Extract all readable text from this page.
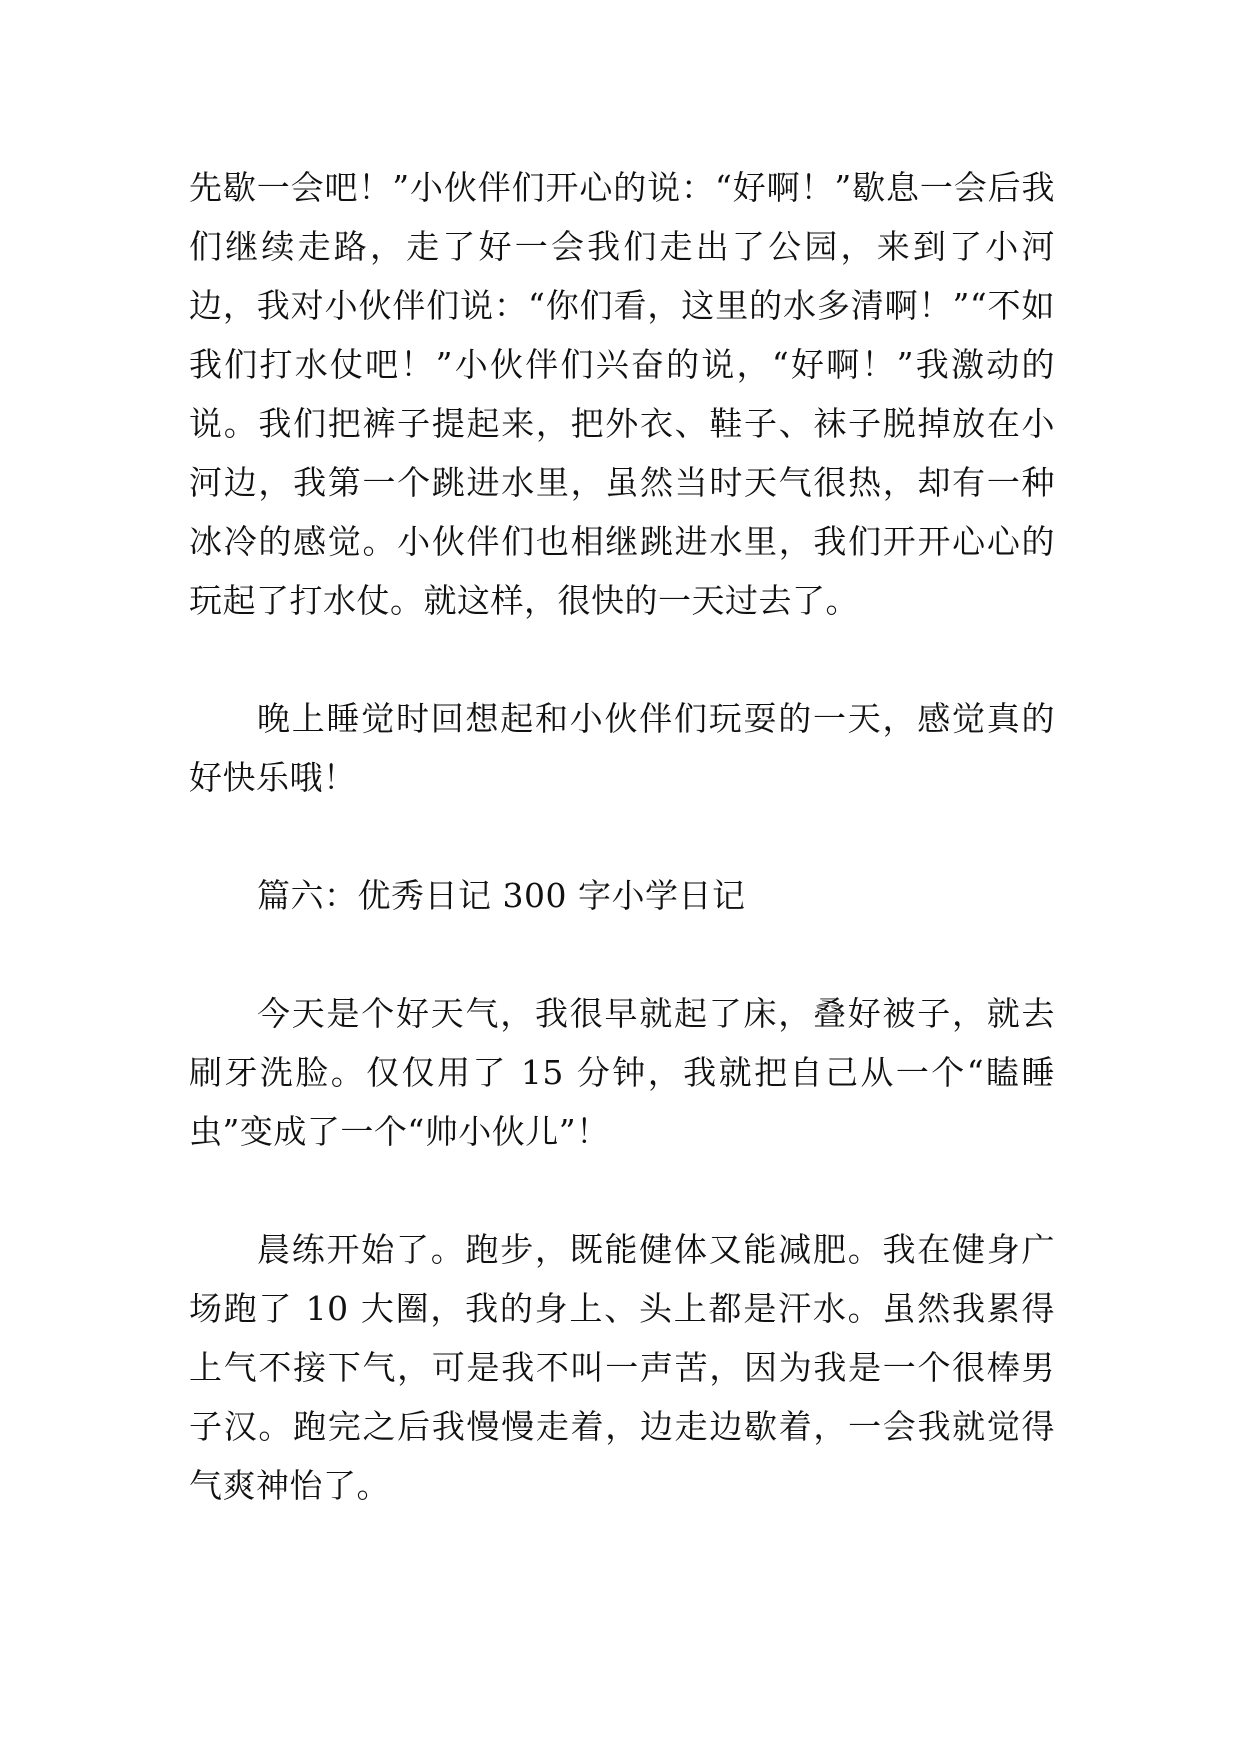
先歇一会吧！”小伙伴们开心的说：“好啊！”歇息一会后我们继续走路，走了好一会我们走出了公园，来到了小河边，我对小伙伴们说：“你们看，这里的水多清啊！”“不如我们打水仗吧！”小伙伴们兴奋的说，“好啊！”我激动的说。我们把裤子提起来，把外衣、鞋子、袜子脱掉放在小河边，我第一个跳进水里，虽然当时天气很热，却有一种冰冷的感觉。小伙伴们也相继跳进水里，我们开开心心的玩起了打水仗。就这样，很快的一天过去了。

晚上睡觉时回想起和小伙伴们玩耍的一天，感觉真的好快乐哦！

篇六：优秀日记 300 字小学日记

今天是个好天气，我很早就起了床，叠好被子，就去刷牙洗脸。仅仅用了 15 分钟，我就把自己从一个“瞌睡虫”变成了一个“帅小伙儿”！

晨练开始了。跑步，既能健体又能减肥。我在健身广场跑了 10 大圈，我的身上、头上都是汗水。虽然我累得上气不接下气，可是我不叫一声苦，因为我是一个很棒男子汉。跑完之后我慢慢走着，边走边歇着，一会我就觉得气爽神怡了。
